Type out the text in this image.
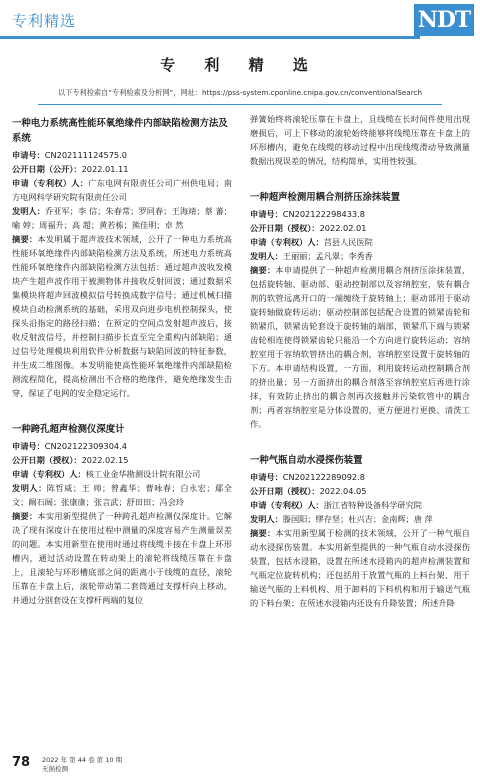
专利精选	NDT
专 利 精 选
以下专利检索自“专利检索及分析网”，网址：https://pss-system.cponline.cnipa.gov.cn/conventionalSearch
一种电力系统高性能环氧绝缘件内部缺陷检测方法及系统
申请号：CN202111124575.0
公开日期（公开）：2022.01.11
申请（专利权）人：广东电网有限责任公司广州供电局；南方电网科学研究院有限责任公司
发明人：乔亚军；李 信；朱春常；罗同春；王海靖；蔡 蕃；喻 婷；周福升；高 超；黄若栋；熊佳明；卓 然
摘要：本发明属于超声波技术领域，公开了一种电力系统高性能环氧绝缘件内部缺陷检测方法及系统，所述电力系统高性能环氧绝缘件内部缺陷检测方法包括：通过超声波收发模块产生超声波作用于被测物体并接收反射回波；通过数据采集模块将超声回波模拟信号转换成数字信号；通过机械扫描模块自动检测系统的基础，采用双向进步电机控制探头，使探头沿指定的路径扫描；在预定的空间点发射超声波后，接收反射波信号，并控制扫描步长直至完全重构内部缺陷；通过信号处理模块利用软件分析数据与缺陷回波的特征参数，并生成二维图像。本发明能使高性能环氧绝缘件内部缺陷检测流程简化，提高检测出不合格的绝缘件，避免绝缘发生击穿，保证了电网的安全稳定运行。
一种跨孔超声检测仪深度计
申请号：CN202122309304.4
公开日期（授权）：2022.02.15
申请（专利权）人：核工业金华勘测设计院有限公司
发明人：陈哲威；王 帅；曾鑫华；曹咏春；白永宏；鄢全文；阚石阔；张康康；张言武；舒田田；冯会玲
摘要：本实用新型提供了一种跨孔超声检测仪深度计。它解决了现有深度计在使用过程中测量的深度容易产生测量误差的问题。本实用新型在使用时通过将线缆卡接在卡盘上环形槽内，通过活动设置在转动架上的滚轮将线缆压靠在卡盘上，且滚轮与环形槽底部之间的距离小于线缆的直径，滚轮压靠在卡盘上后，滚轮带动第二套筒通过支撑杆向上移动，并通过分别套设在支撑杆两端的复位
弹簧始终将滚轮压靠在卡盘上，且线缆在长时间件使用出现磨损后，可上下移动的滚轮始终能够将线缆压靠在卡盘上的环形槽内，避免在线缆的移动过程中出现线缆滑动导致测量数据出现误差的情况，结构简单，实用性较强。
一种超声检测用耦合剂挤压涂抹装置
申请号：CN202122298433.8
公开日期（授权）：2022.02.01
申请（专利权）人：莒县人民医院
发明人：王丽丽；孟凡翠；李秀香
摘要：本申请提供了一种超声检测用耦合剂挤压涂抹装置，包括旋转轴、驱动部、驱动控制部以及容纳腔室，装有耦合剂的软管远离开口的一端缠绕于旋转轴上；驱动部用于驱动旋转轴做旋转运动；驱动控制部包括配合设置的锁紧齿轮和锁紧爪，锁紧齿轮套设于旋转轴的端部，锁紧爪下端与锁紧齿轮相连使得锁紧齿轮只能沿一个方向进行旋转运动；容纳腔室用于容纳软管挤出的耦合剂，容纳腔室设置于旋转轴的下方。本申请结构设置，一方面，利用旋转运动控制耦合剂的挤出量；另一方面挤出的耦合剂落至容纳腔室后再进行涂抹，有效防止挤出的耦合剂再次接触并污染软管中的耦合剂；再者容纳腔室是分体设置的，更方便进行更换、清洗工作。
一种气瓶自动水浸探伤装置
申请号：CN202122289092.8
公开日期（授权）：2022.04.05
申请（专利权）人：浙江省特种设备科学研究院
发明人：滕国阳；缪存坚；杜兴吉；金南辉；唐 萍
摘要：本实用新型属于检测的技术领域，公开了一种气瓶自动水浸探伤装置。本实用新型提供的一种气瓶自动水浸探伤装置，包括水浸箱，设置在所述水浸箱内的超声检测装置和气瓶定位旋转机构；还包括用于放置气瓶的上料台架、用于输送气瓶的上料机构、用于卸料的下料机构和用于输送气瓶的下料台架；在所述水浸箱内还设有升降装置；所述升降
78 2022 年 第 44 卷 第 10 期
无损检测
